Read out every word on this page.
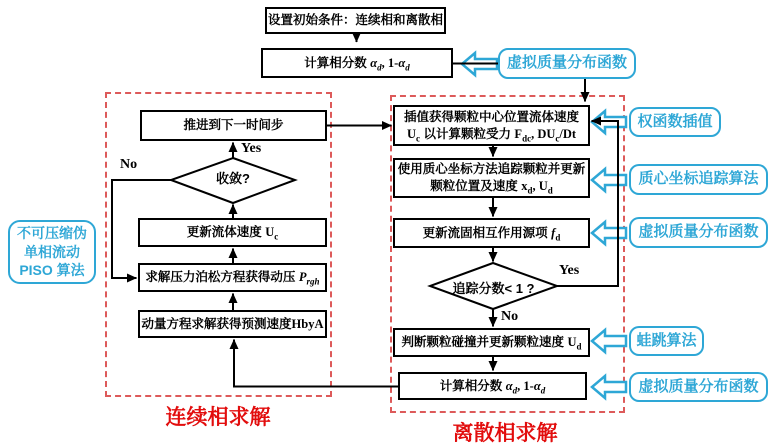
设置初始条件：连续相和离散相
计算相分数 $\alpha_d$, $1-\alpha_d$
推进到下一时间步
收敛?
更新流体速度 $U_c$
求解压力泊松方程获得动压 $P_{rgh}$
动量方程求解获得预测速度HbyA
插值获得颗粒中心位置流体速度
$U_c$ 以计算颗粒受力 $F_{dc}$, $DU_c/Dt$
使用质心坐标方法追踪颗粒并更新
颗粒位置及速度 $x_d$, $U_d$
更新流固相互作用源项 $f_d$
追踪分数< 1 ?
判断颗粒碰撞并更新颗粒速度 $U_d$
计算相分数 $\alpha_d$, $1-\alpha_d$
Yes
No
Yes
No
不可压缩伪
单相流动
PISO 算法
虚拟质量分布函数
权函数插值
质心坐标追踪算法
虚拟质量分布函数
蛙跳算法
虚拟质量分布函数
连续相求解
离散相求解
